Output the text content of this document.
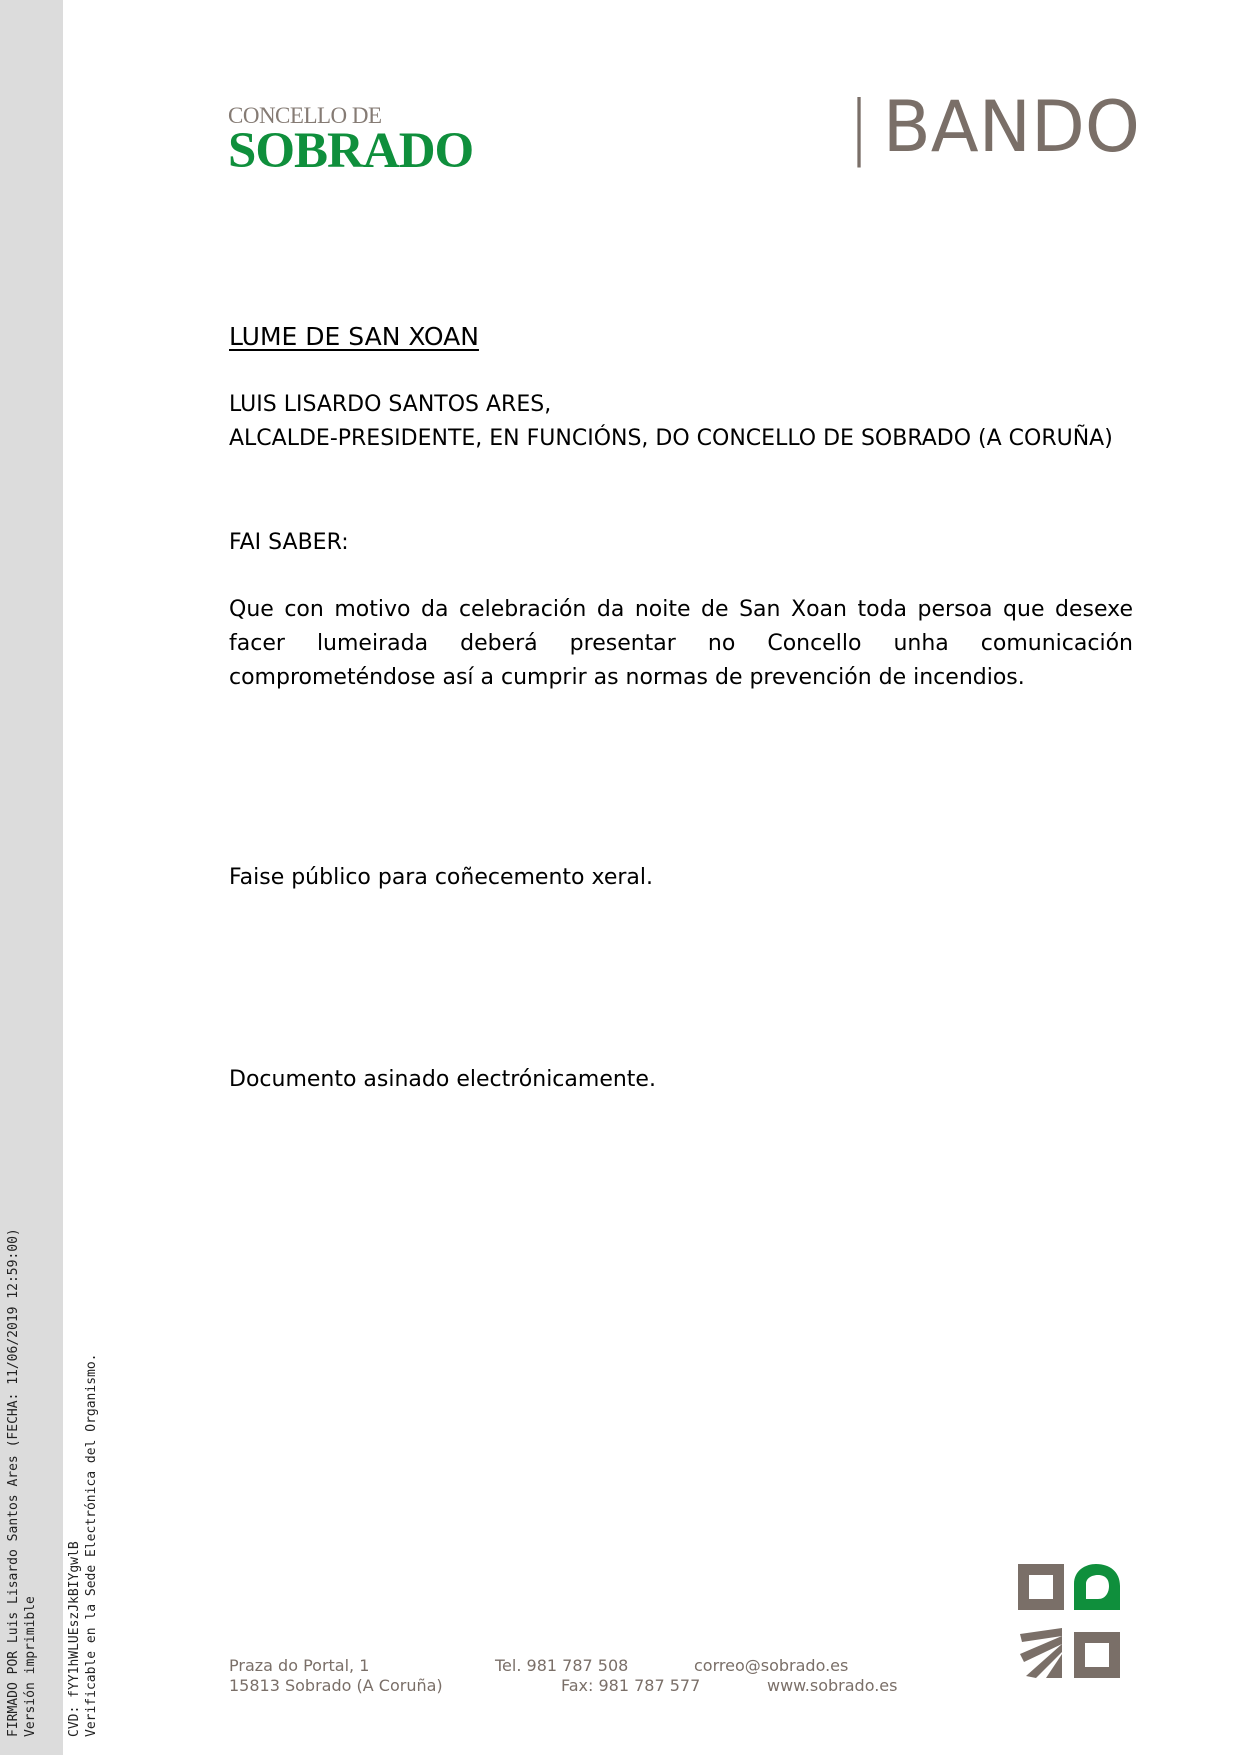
FIRMADO POR Luis Lisardo Santos Ares (FECHA: 11/06/2019 12:59:00) Versión imprimible CVD: fYY1hWLUEszJkBIYgwlB Verificable en la Sede Electrónica del Organismo.
CONCELLO DE
SOBRADO	| BANDO
LUME DE SAN XOAN
LUIS LISARDO SANTOS ARES,
ALCALDE-PRESIDENTE, EN FUNCIÓNS, DO CONCELLO DE SOBRADO (A CORUÑA)
FAI SABER:
Que con motivo da celebración da noite de San Xoan toda persoa que desexe facer lumeirada deberá presentar no Concello unha comunicación comprometéndose así a cumprir as normas de prevención de incendios.
Faise público para coñecemento xeral.
Documento asinado electrónicamente.
Praza do Portal, 1
15813 Sobrado (A Coruña)
Tel. 981 787 508
Fax: 981 787 577
correo@sobrado.es
www.sobrado.es
